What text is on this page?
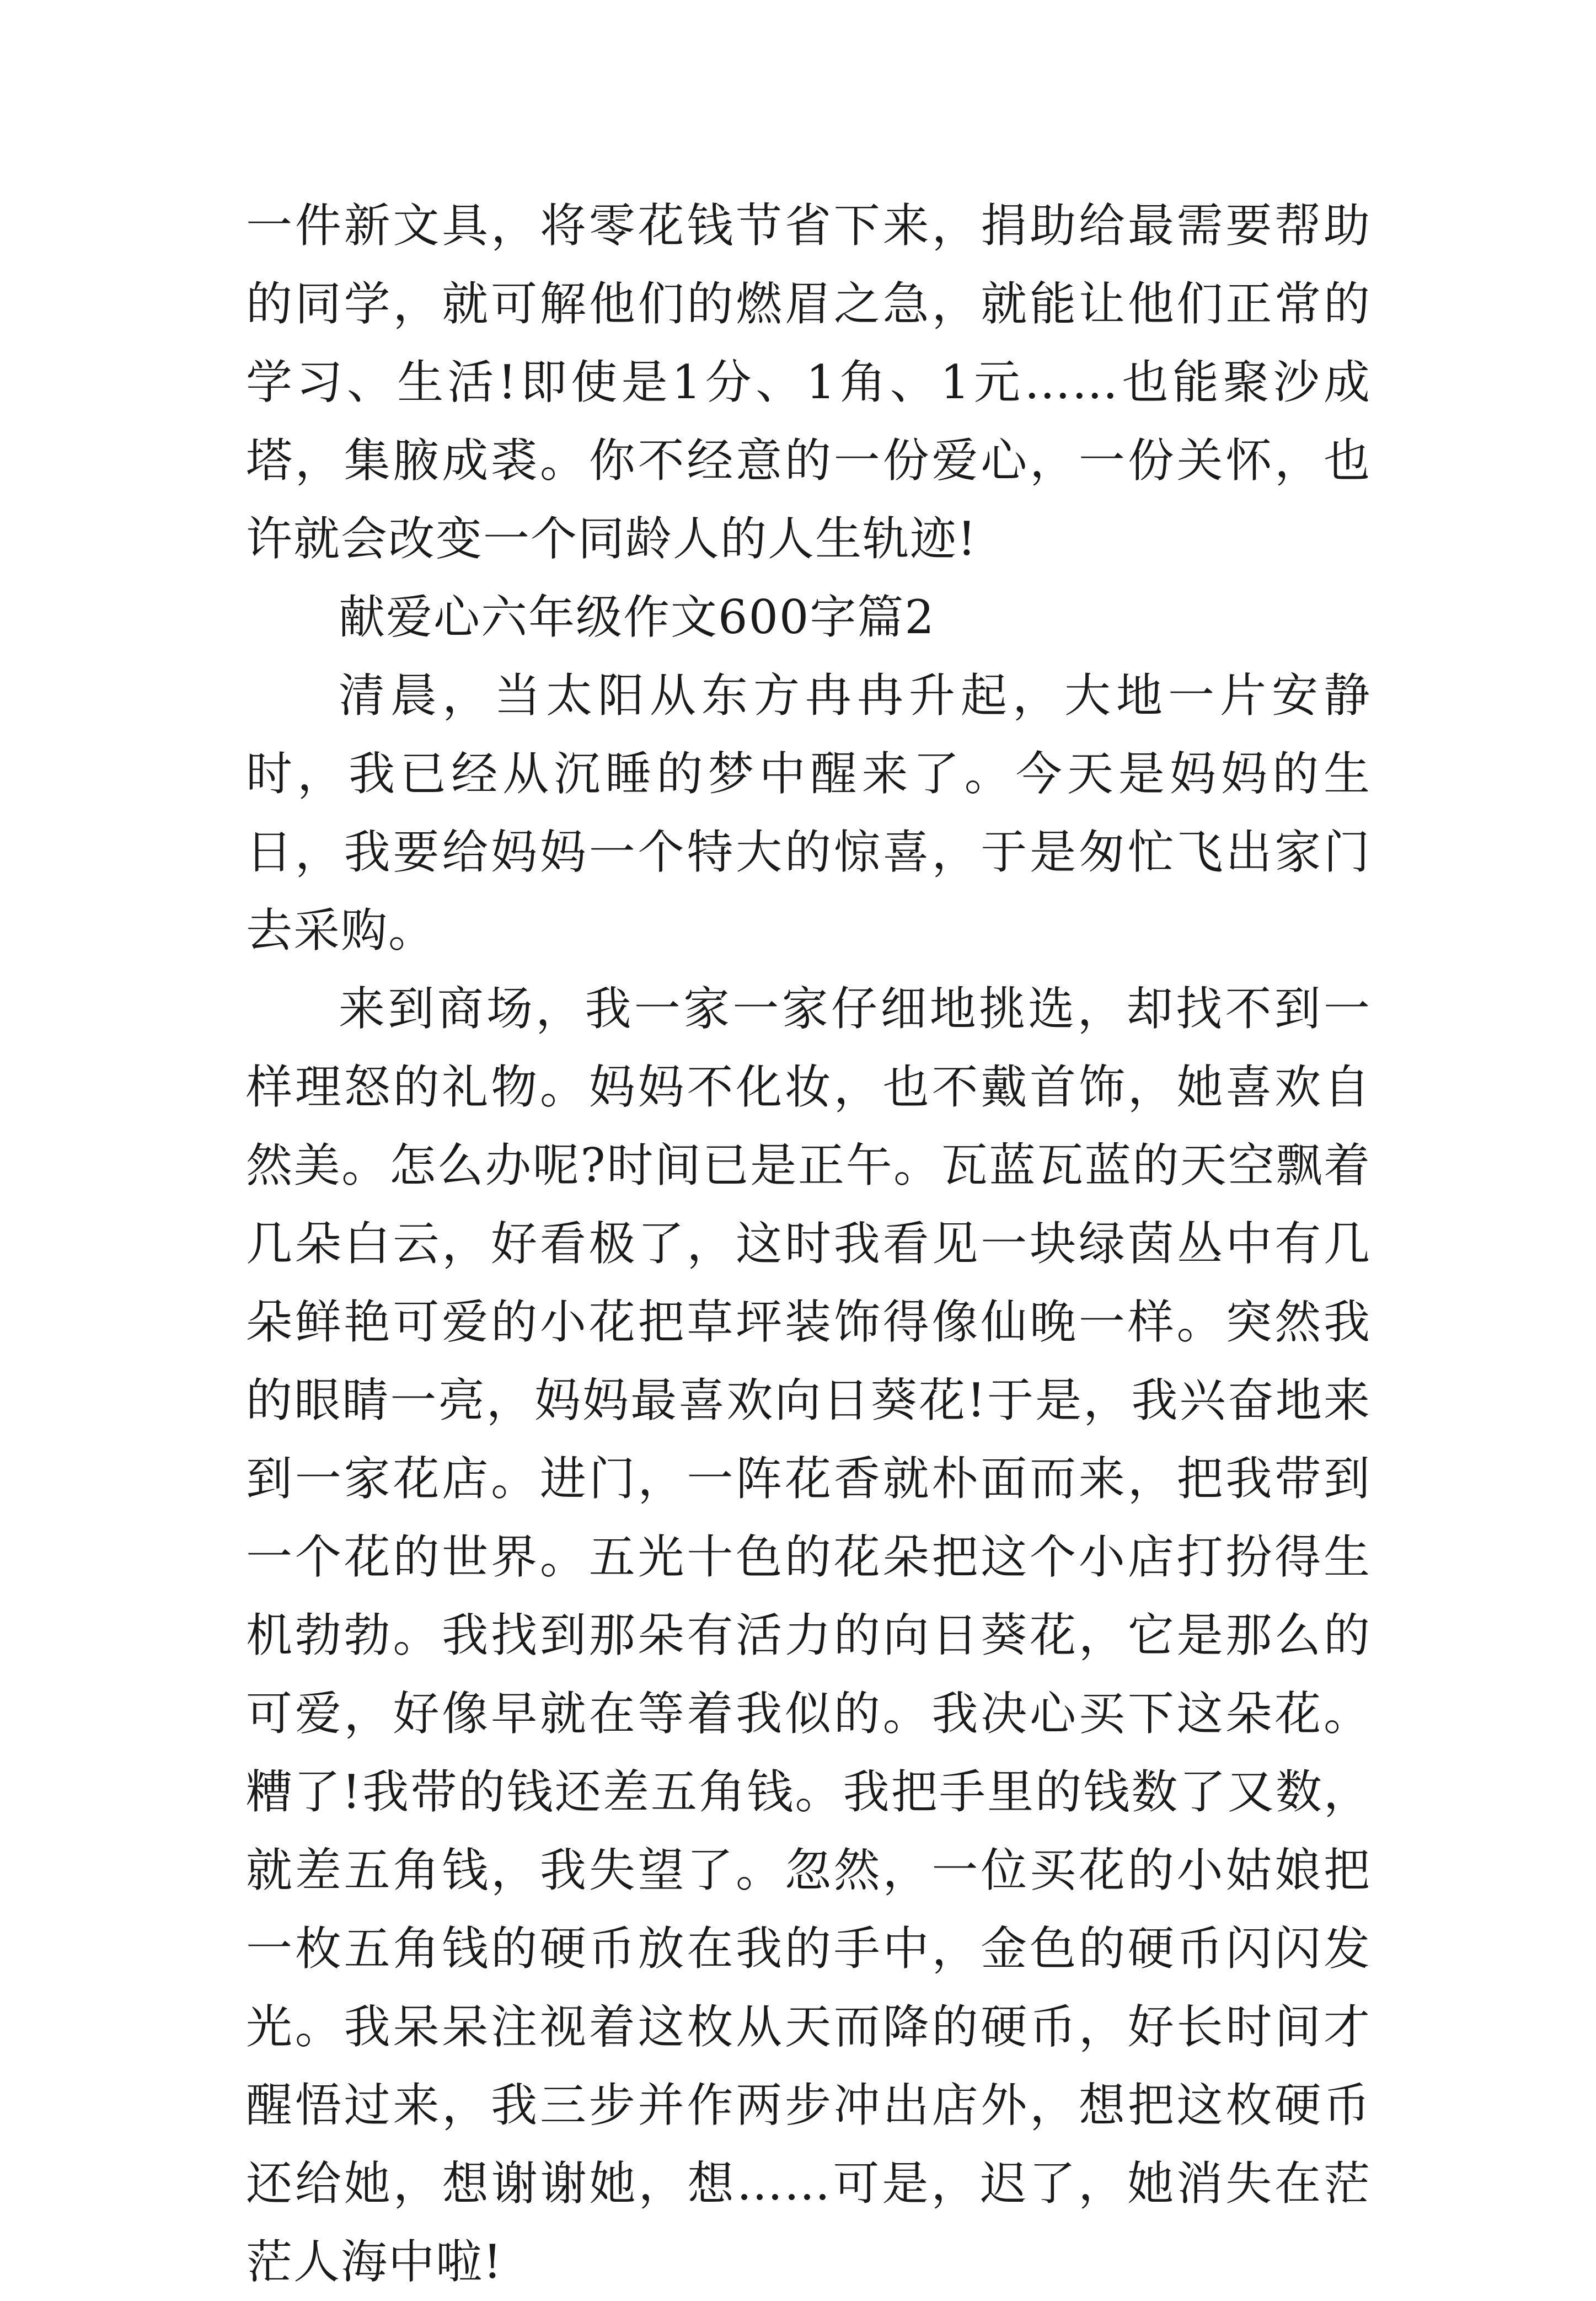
一件新文具，将零花钱节省下来，捐助给最需要帮助的同学，就可解他们的燃眉之急，就能让他们正常的学习、生活!即使是1分、1角、1元……也能聚沙成塔，集腋成裘。你不经意的一份爱心，一份关怀，也许就会改变一个同龄人的人生轨迹!

献爱心六年级作文600字篇2

清晨，当太阳从东方冉冉升起，大地一片安静时，我已经从沉睡的梦中醒来了。今天是妈妈的生日，我要给妈妈一个特大的惊喜，于是匆忙飞出家门去采购。

来到商场，我一家一家仔细地挑选，却找不到一样理怒的礼物。妈妈不化妆，也不戴首饰，她喜欢自然美。怎么办呢?时间已是正午。瓦蓝瓦蓝的天空飘着几朵白云，好看极了，这时我看见一块绿茵丛中有几朵鲜艳可爱的小花把草坪装饰得像仙晚一样。突然我的眼睛一亮，妈妈最喜欢向日葵花!于是，我兴奋地来到一家花店。进门，一阵花香就朴面而来，把我带到一个花的世界。五光十色的花朵把这个小店打扮得生机勃勃。我找到那朵有活力的向日葵花，它是那么的可爱，好像早就在等着我似的。我决心买下这朵花。糟了!我带的钱还差五角钱。我把手里的钱数了又数，就差五角钱，我失望了。忽然，一位买花的小姑娘把一枚五角钱的硬币放在我的手中，金色的硬币闪闪发光。我呆呆注视着这枚从天而降的硬币，好长时间才醒悟过来，我三步并作两步冲出店外，想把这枚硬币还给她，想谢谢她，想……可是，迟了，她消失在茫茫人海中啦!
